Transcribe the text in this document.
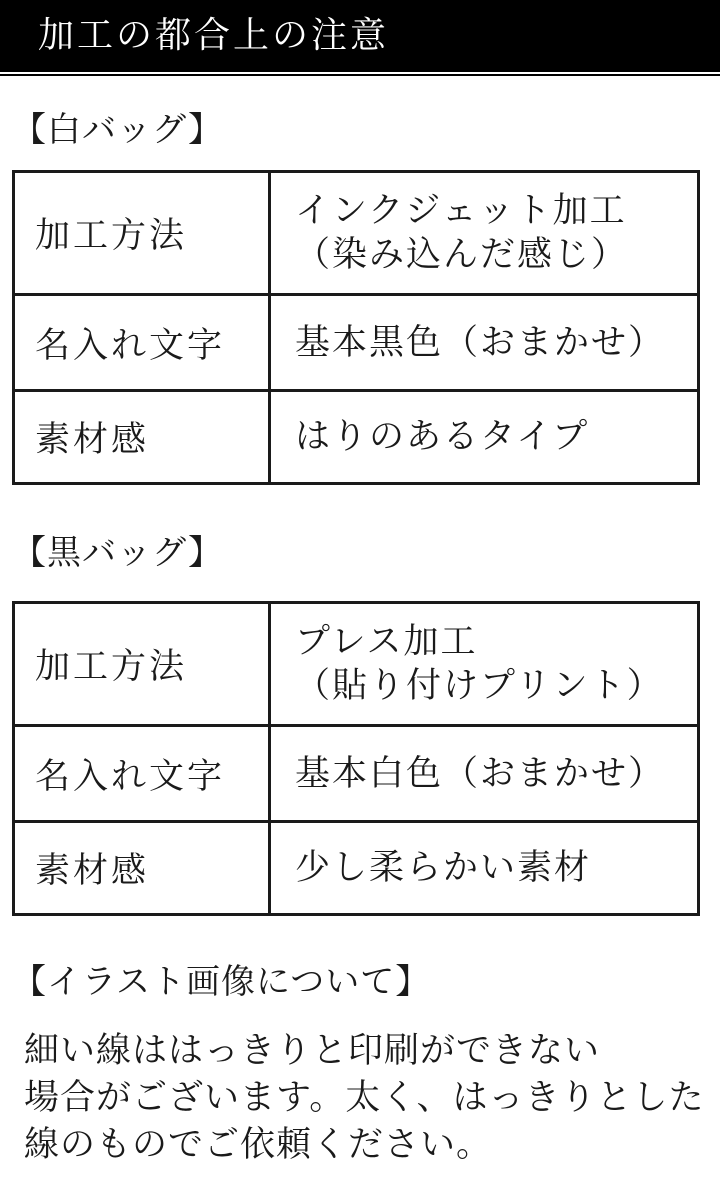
加工の都合上の注意
【白バッグ】
加工方法
インクジェット加工
（染み込んだ感じ）
名入れ文字 基本黒色（おまかせ）
素材感	はりのあるタイプ
【黒バッグ】
加工方法
プレス加工
（貼り付けプリント）
名入れ文字 基本白色（おまかせ）
素材感	少し柔らかい素材
【イラスト画像について】
細い線ははっきりと印刷ができない
場合がございます。太く、はっきりとした
線のものでご依頼ください。
